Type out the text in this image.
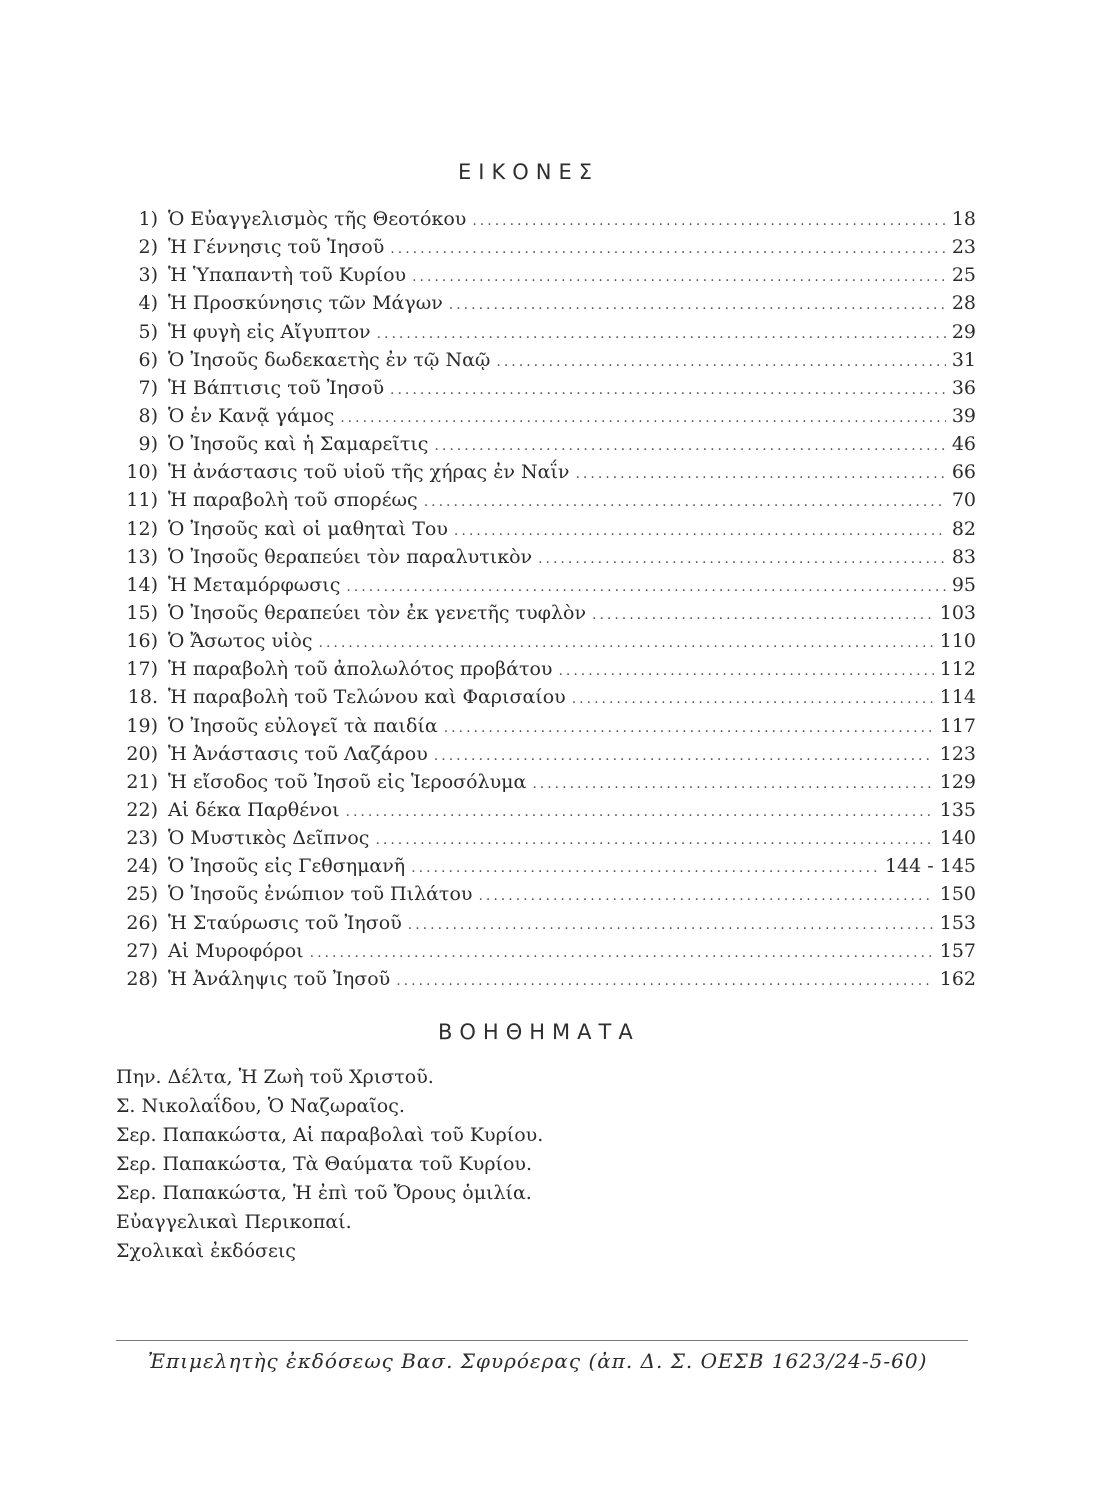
ΕΙΚΟΝΕΣ
1) Ὁ Εὐαγγελισμὸς τῆς Θεοτόκου .....	18
2) Ἡ Γέννησις τοῦ Ἰησοῦ .....	23
3) Ἡ Ὑπαπαντὴ τοῦ Κυρίου .....	25
4) Ἡ Προσκύνησις τῶν Μάγων .....	28
5) Ἡ φυγὴ εἰς Αἴγυπτον .....	29
6) Ὁ Ἰησοῦς δωδεκαετὴς ἐν τῷ Ναῷ .....	31
7) Ἡ Βάπτισις τοῦ Ἰησοῦ .....	36
8) Ὁ ἐν Κανᾷ γάμος .....	39
9) Ὁ Ἰησοῦς καὶ ἡ Σαμαρεῖτις .....	46
10) Ἡ ἀνάστασις τοῦ υἱοῦ τῆς χήρας ἐν Ναΐν .....	66
11) Ἡ παραβολὴ τοῦ σπορέως .....	70
12) Ὁ Ἰησοῦς καὶ οἱ μαθηταὶ Του .....	82
13) Ὁ Ἰησοῦς θεραπεύει τὸν παραλυτικὸν .....	83
14) Ἡ Μεταμόρφωσις .....	95
15) Ὁ Ἰησοῦς θεραπεύει τὸν ἐκ γενετῆς τυφλὸν .....	103
16) Ὁ Ἄσωτος υἱὸς .....	110
17) Ἡ παραβολὴ τοῦ ἀπολωλότος προβάτου .....	112
18. Ἡ παραβολὴ τοῦ Τελώνου καὶ Φαρισαίου .....	114
19) Ὁ Ἰησοῦς εὐλογεῖ τὰ παιδία .....	117
20) Ἡ Ἀνάστασις τοῦ Λαζάρου .....	123
21) Ἡ εἴσοδος τοῦ Ἰησοῦ εἰς Ἱεροσόλυμα .....	129
22) Αἱ δέκα Παρθένοι .....	135
23) Ὁ Μυστικὸς Δεῖπνος .....	140
24) Ὁ Ἰησοῦς εἰς Γεθσημανῆ .....	144 - 145
25) Ὁ Ἰησοῦς ἐνώπιον τοῦ Πιλάτου .....	150
26) Ἡ Σταύρωσις τοῦ Ἰησοῦ .....	153
27) Αἱ Μυροφόροι .....	157
28) Ἡ Ἀνάληψις τοῦ Ἰησοῦ .....	162
ΒΟΗΘΗΜΑΤΑ
Πην. Δέλτα, Ἡ Ζωὴ τοῦ Χριστοῦ.
Σ. Νικολαΐδου, Ὁ Ναζωραῖος.
Σερ. Παπακώστα, Αἱ παραβολαὶ τοῦ Κυρίου.
Σερ. Παπακώστα, Τὰ Θαύματα τοῦ Κυρίου.
Σερ. Παπακώστα, Ἡ ἐπὶ τοῦ Ὄρους ὁμιλία.
Εὐαγγελικαὶ Περικοπαί.
Σχολικαὶ ἐκδόσεις
Ἐπιμελητὴς ἐκδόσεως Βασ. Σφυρόερας (ἀπ. Δ. Σ. ΟΕΣΒ 1623/24-5-60)
